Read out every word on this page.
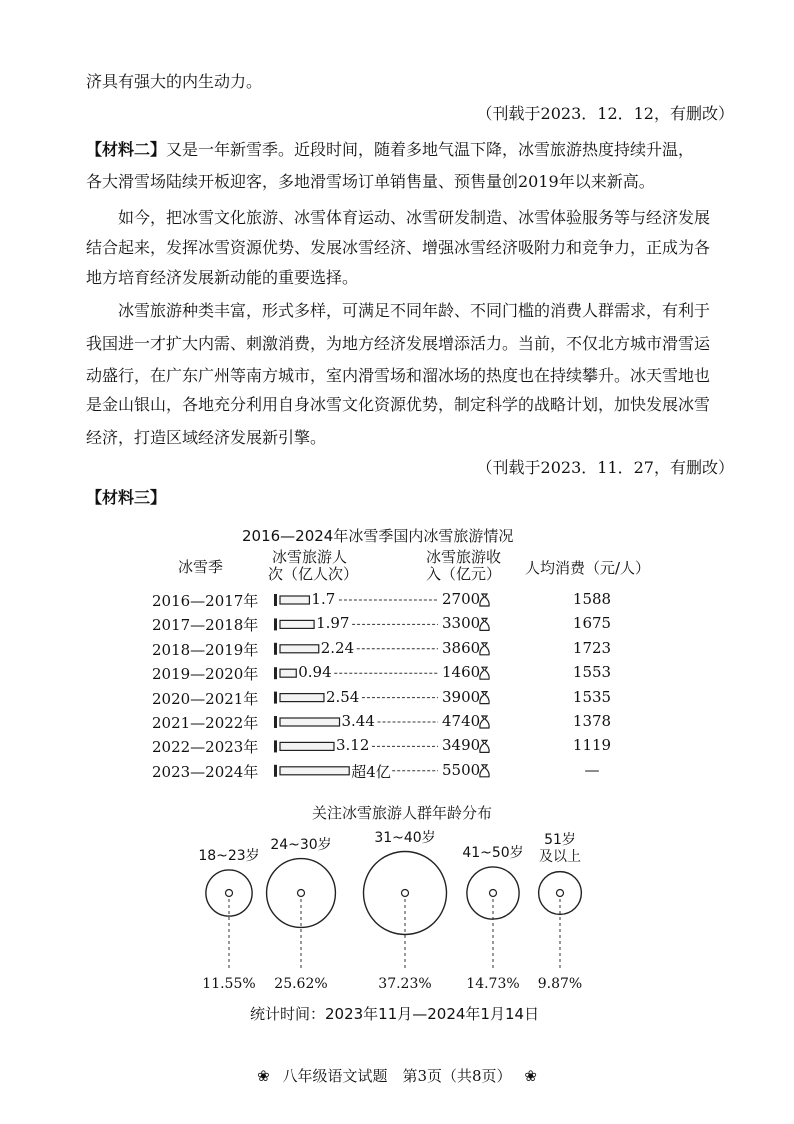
济具有强大的内生动力。
（刊载于2023．12．12，有删改）
【材料二】又是一年新雪季。近段时间，随着多地气温下降，冰雪旅游热度持续升温，
各大滑雪场陆续开板迎客，多地滑雪场订单销售量、预售量创2019年以来新高。
如今，把冰雪文化旅游、冰雪体育运动、冰雪研发制造、冰雪体验服务等与经济发展
结合起来，发挥冰雪资源优势、发展冰雪经济、增强冰雪经济吸附力和竞争力，正成为各
地方培育经济发展新动能的重要选择。
冰雪旅游种类丰富，形式多样，可满足不同年龄、不同门槛的消费人群需求，有利于
我国进一才扩大内需、刺激消费，为地方经济发展增添活力。当前，不仅北方城市滑雪运
动盛行，在广东广州等南方城市，室内滑雪场和溜冰场的热度也在持续攀升。冰天雪地也
是金山银山，各地充分利用自身冰雪文化资源优势，制定科学的战略计划，加快发展冰雪
经济，打造区域经济发展新引擎。
（刊载于2023．11．27，有删改）
【材料三】
2016—2024年冰雪季国内冰雪旅游情况
冰雪季
冰雪旅游人
次（亿人次）
冰雪旅游收
入（亿元） 人均消费（元/人）
2016—2017年	1.7	2700	1588
2017—2018年	1.97	3300	1675
2018—2019年	2.24	3860	1723
2019—2020年	0.94	1460	1553
2020—2021年	2.54	3900	1535
2021—2022年	3.44	4740	1378
2022—2023年	3.12	3490	1119
2023—2024年	超4亿	5500	—
关注冰雪旅游人群年龄分布
18~23岁
11.55%
24~30岁
25.62%
31~40岁
37.23%
41~50岁
14.73%
51岁
及以上
9.87%
统计时间：2023年11月—2024年1月14日
❀ 八年级语文试题　第3页（共8页） ❀
